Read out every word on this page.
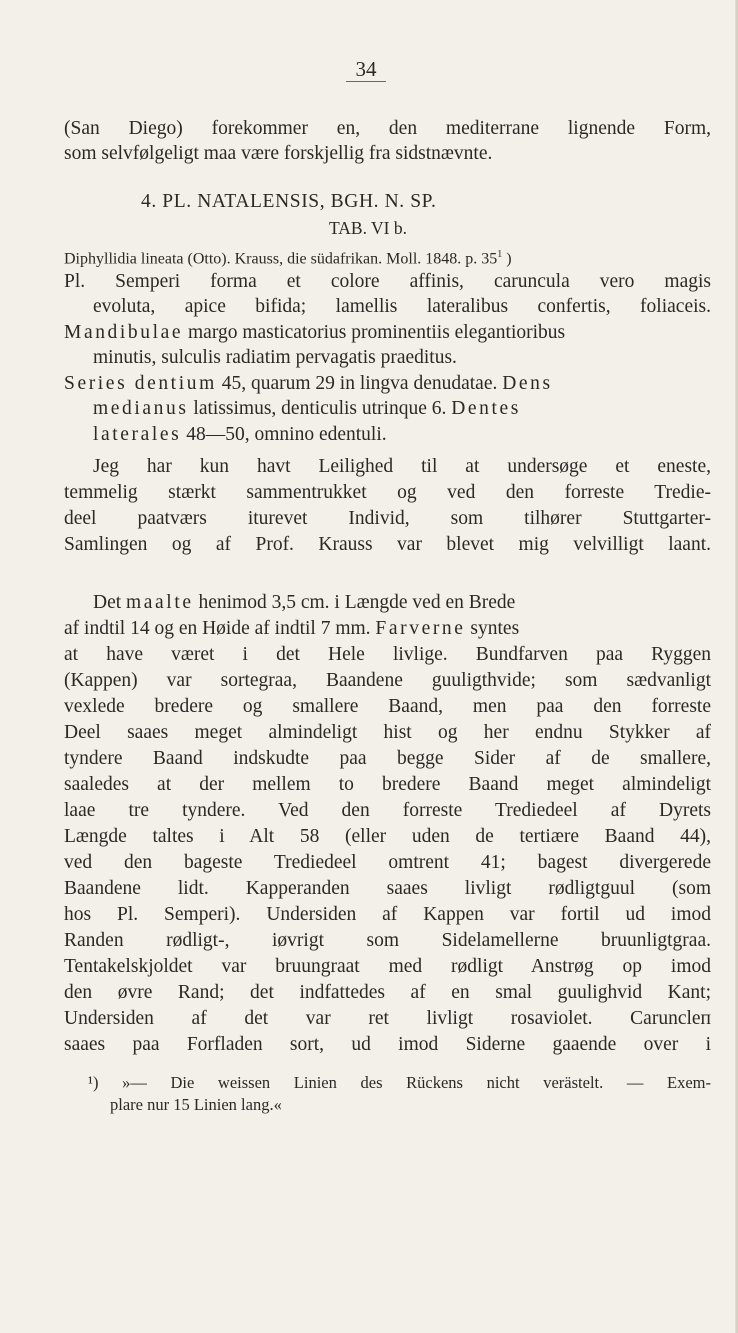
34
(San Diego) forekommer en, den mediterrane lignende Form,
som selvfølgeligt maa være forskjellig fra sidstnævnte.
4. PL. NATALENSIS, BGH. N. SP.
TAB. VI b.
Diphyllidia lineata (Otto). Krauss, die südafrikan. Moll. 1848. p. $35^1$ )
Pl. Semperi forma et colore affinis, caruncula vero magis
evoluta, apice bifida; lamellis lateralibus confertis, foliaceis.
Mandibulae margo masticatorius prominentiis elegantioribus
minutis, sulculis radiatim pervagatis praeditus.
Series dentium 45, quarum 29 in lingva denudatae. Dens
medianus latissimus, denticulis utrinque 6. Dentes
laterales 48—50, omnino edentuli.
Jeg har kun havt Leilighed til at undersøge et eneste,
temmelig stærkt sammentrukket og ved den forreste Tredie-
deel paatværs iturevet Individ, som tilhører Stuttgarter-
Samlingen og af Prof. Krauss var blevet mig velvilligt laant.
Det maalte henimod 3,5 cm. i Længde ved en Brede
af indtil 14 og en Høide af indtil 7 mm. Farverne syntes
at have været i det Hele livlige. Bundfarven paa Ryggen
(Kappen) var sortegraa, Baandene guuligthvide; som sædvanligt
vexlede bredere og smallere Baand, men paa den forreste
Deel saaes meget almindeligt hist og her endnu Stykker af
tyndere Baand indskudte paa begge Sider af de smallere,
saaledes at der mellem to bredere Baand meget almindeligt
laae tre tyndere. Ved den forreste Trediedeel af Dyrets
Længde taltes i Alt 58 (eller uden de tertiære Baand 44),
ved den bageste Trediedeel omtrent 41; bagest divergerede
Baandene lidt. Kapperanden saaes livligt rødligtguul (som
hos Pl. Semperi). Undersiden af Kappen var fortil ud imod
Randen rødligt-, iøvrigt som Sidelamellerne bruunligtgraa.
Tentakelskjoldet var bruungraat med rødligt Anstrøg op imod
den øvre Rand; det indfattedes af en smal guulighvid Kant;
Undersiden af det var ret livligt rosaviolet. Caruncleп
saaes paa Forfladen sort, ud imod Siderne gaaende over i
¹) »— Die weissen Linien des Rückens nicht verästelt. — Exem-
plare nur 15 Linien lang.«
